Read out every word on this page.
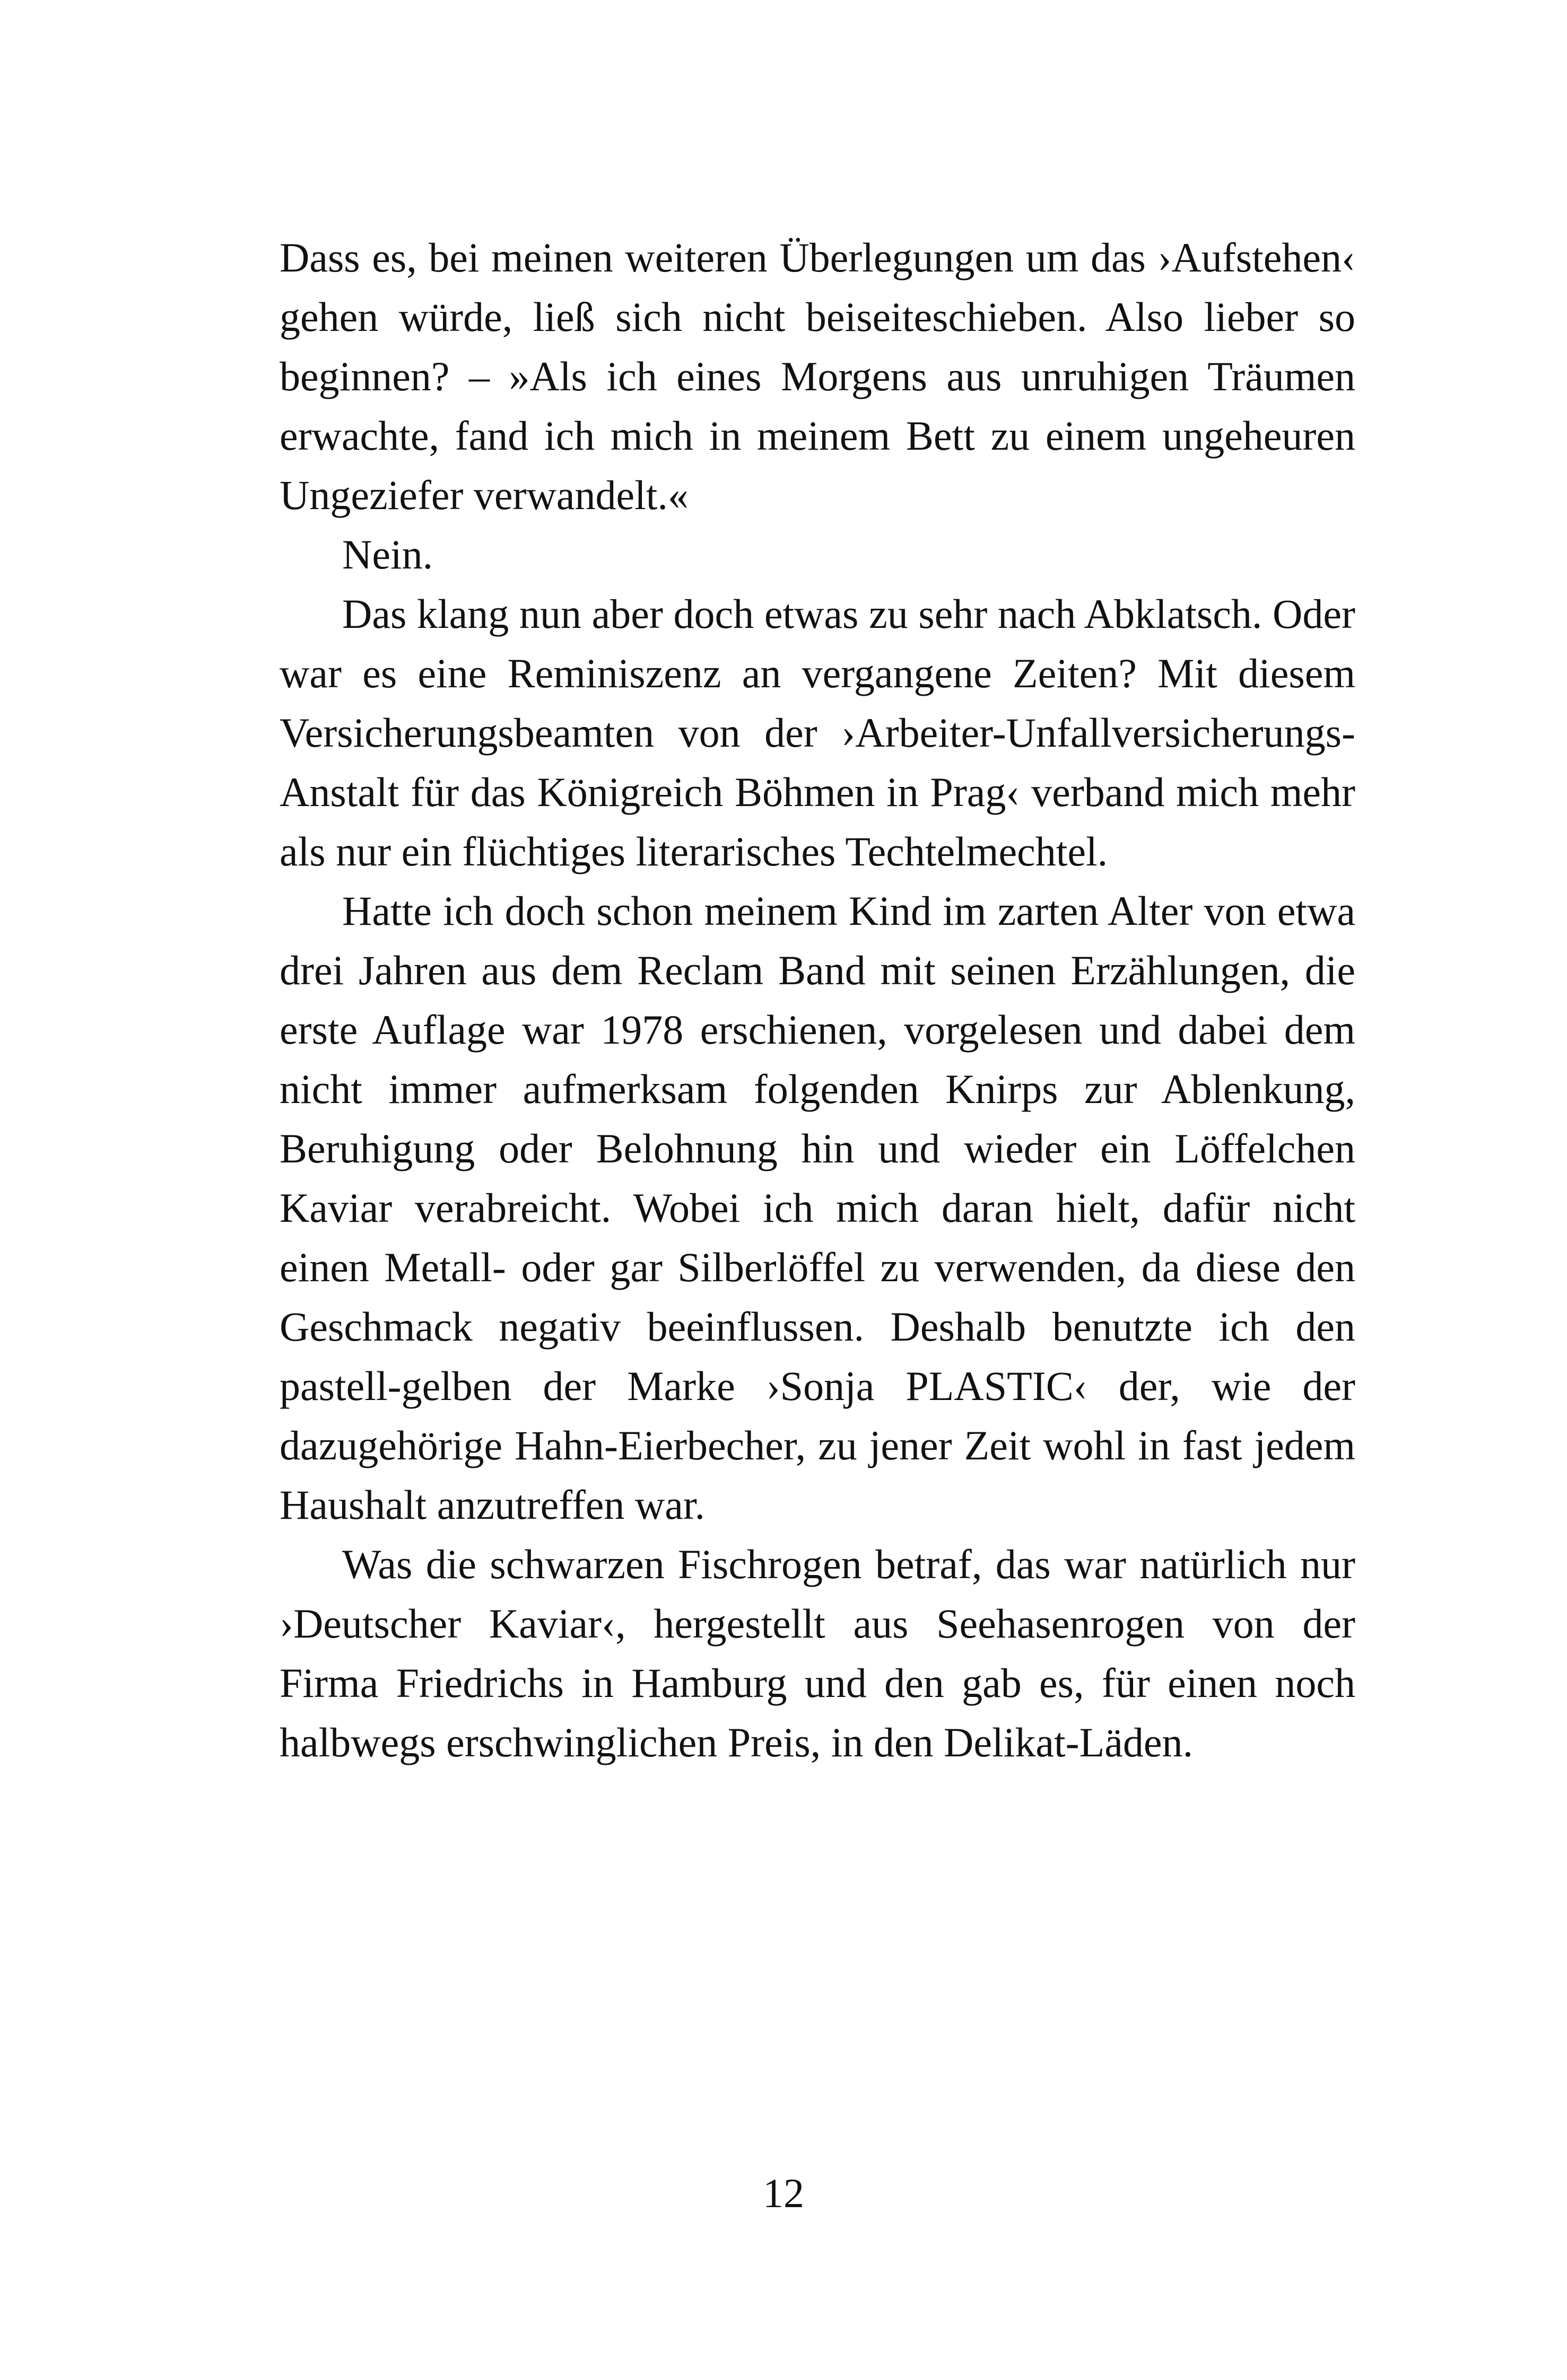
Dass es, bei meinen weiteren Überlegungen um das ›Aufstehen‹ gehen würde, ließ sich nicht beiseiteschieben. Also lieber so beginnen? – »Als ich eines Morgens aus unruhigen Träumen erwachte, fand ich mich in meinem Bett zu einem ungeheuren Ungeziefer verwandelt.«

Nein.

Das klang nun aber doch etwas zu sehr nach Abklatsch. Oder war es eine Reminiszenz an vergangene Zeiten? Mit diesem Versicherungsbeamten von der ›Arbeiter-Unfallversicherungs-Anstalt für das Königreich Böhmen in Prag‹ verband mich mehr als nur ein flüchtiges literarisches Techtelmechtel.

Hatte ich doch schon meinem Kind im zarten Alter von etwa drei Jahren aus dem Reclam Band mit seinen Erzählungen, die erste Auflage war 1978 erschienen, vorgelesen und dabei dem nicht immer aufmerksam folgenden Knirps zur Ablenkung, Beruhigung oder Belohnung hin und wieder ein Löffelchen Kaviar verabreicht. Wobei ich mich daran hielt, dafür nicht einen Metall- oder gar Silberlöffel zu verwenden, da diese den Geschmack negativ beeinflussen. Deshalb benutzte ich den pastell-gelben der Marke ›Sonja PLASTIC‹ der, wie der dazugehörige Hahn-Eierbecher, zu jener Zeit wohl in fast jedem Haushalt anzutreffen war.

Was die schwarzen Fischrogen betraf, das war natürlich nur ›Deutscher Kaviar‹, hergestellt aus Seehasenrogen von der Firma Friedrichs in Hamburg und den gab es, für einen noch halbwegs erschwinglichen Preis, in den Delikat-Läden.

12
